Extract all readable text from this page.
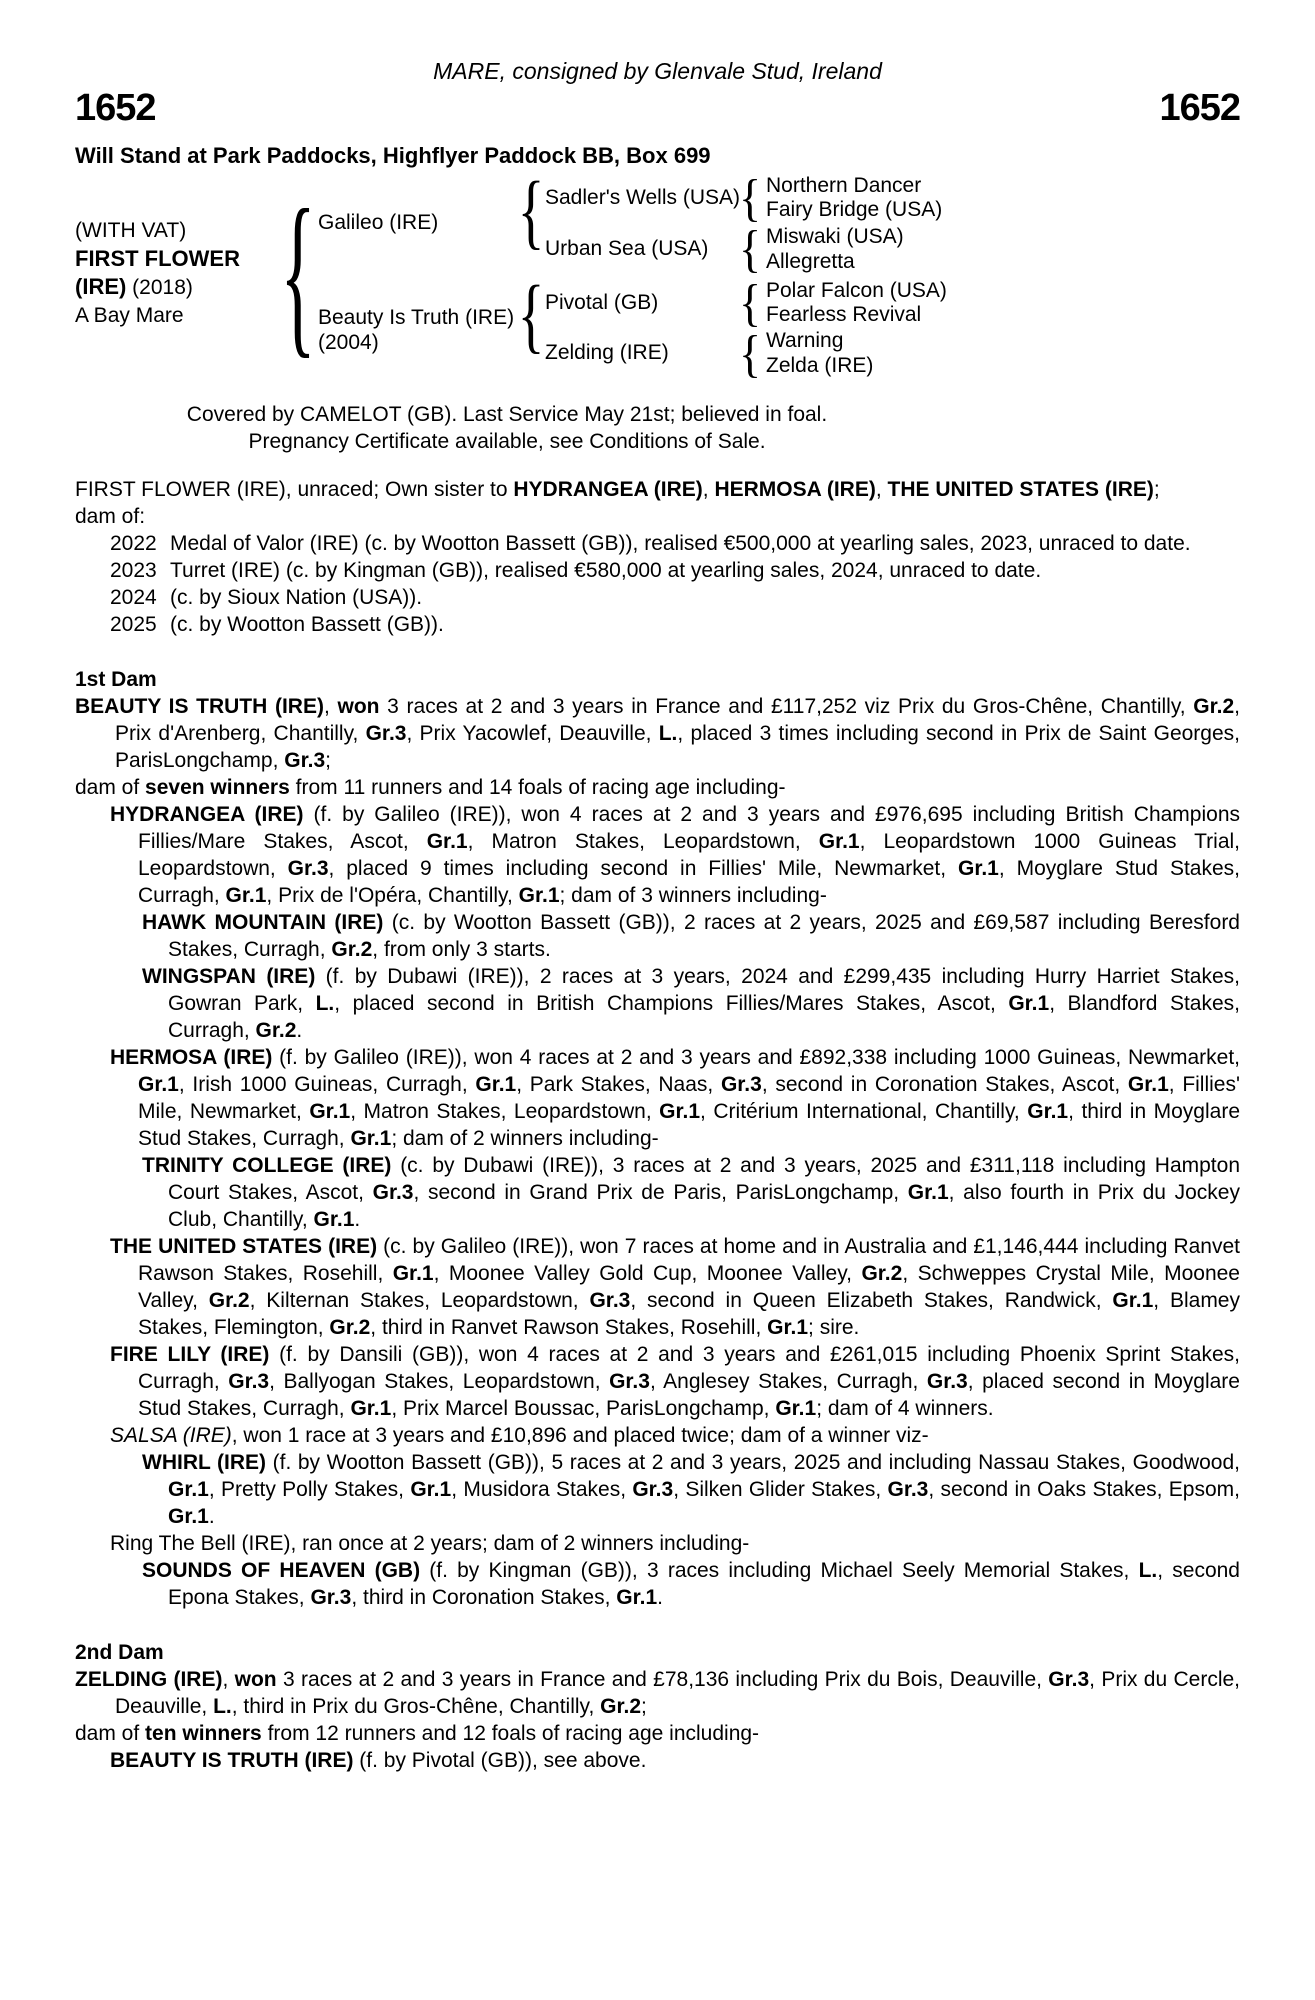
MARE, consigned by Glenvale Stud, Ireland
1652	1652
Will Stand at Park Paddocks, Highflyer Paddock BB, Box 699
(WITH VAT)
FIRST FLOWER
(IRE) (2018)
A Bay Mare
{
{
{
{
{
{
{
Galileo (IRE)
Beauty Is Truth (IRE)
(2004)
Sadler's Wells (USA)
Urban Sea (USA)
Pivotal (GB)
Zelding (IRE)
Northern Dancer
Fairy Bridge (USA)
Miswaki (USA)
Allegretta
Polar Falcon (USA)
Fearless Revival
Warning
Zelda (IRE)
Covered by CAMELOT (GB). Last Service May 21st; believed in foal.
Pregnancy Certificate available, see Conditions of Sale.
FIRST FLOWER (IRE), unraced; Own sister to HYDRANGEA (IRE), HERMOSA (IRE), THE UNITED STATES (IRE);
dam of:
2022 Medal of Valor (IRE) (c. by Wootton Bassett (GB)), realised €500,000 at yearling sales, 2023, unraced to date.
2023 Turret (IRE) (c. by Kingman (GB)), realised €580,000 at yearling sales, 2024, unraced to date.
2024 (c. by Sioux Nation (USA)).
2025 (c. by Wootton Bassett (GB)).
1st Dam
BEAUTY IS TRUTH (IRE), won 3 races at 2 and 3 years in France and £117,252 viz Prix du Gros-Chêne, Chantilly, Gr.2, Prix d'Arenberg, Chantilly, Gr.3, Prix Yacowlef, Deauville, L., placed 3 times including second in Prix de Saint Georges, ParisLongchamp, Gr.3;
dam of seven winners from 11 runners and 14 foals of racing age including-
HYDRANGEA (IRE) (f. by Galileo (IRE)), won 4 races at 2 and 3 years and £976,695 including British Champions Fillies/Mare Stakes, Ascot, Gr.1, Matron Stakes, Leopardstown, Gr.1, Leopardstown 1000 Guineas Trial, Leopardstown, Gr.3, placed 9 times including second in Fillies' Mile, Newmarket, Gr.1, Moyglare Stud Stakes, Curragh, Gr.1, Prix de l'Opéra, Chantilly, Gr.1; dam of 3 winners including-
HAWK MOUNTAIN (IRE) (c. by Wootton Bassett (GB)), 2 races at 2 years, 2025 and £69,587 including Beresford Stakes, Curragh, Gr.2, from only 3 starts.
WINGSPAN (IRE) (f. by Dubawi (IRE)), 2 races at 3 years, 2024 and £299,435 including Hurry Harriet Stakes, Gowran Park, L., placed second in British Champions Fillies/Mares Stakes, Ascot, Gr.1, Blandford Stakes, Curragh, Gr.2.
HERMOSA (IRE) (f. by Galileo (IRE)), won 4 races at 2 and 3 years and £892,338 including 1000 Guineas, Newmarket, Gr.1, Irish 1000 Guineas, Curragh, Gr.1, Park Stakes, Naas, Gr.3, second in Coronation Stakes, Ascot, Gr.1, Fillies' Mile, Newmarket, Gr.1, Matron Stakes, Leopardstown, Gr.1, Critérium International, Chantilly, Gr.1, third in Moyglare Stud Stakes, Curragh, Gr.1; dam of 2 winners including-
TRINITY COLLEGE (IRE) (c. by Dubawi (IRE)), 3 races at 2 and 3 years, 2025 and £311,118 including Hampton Court Stakes, Ascot, Gr.3, second in Grand Prix de Paris, ParisLongchamp, Gr.1, also fourth in Prix du Jockey Club, Chantilly, Gr.1.
THE UNITED STATES (IRE) (c. by Galileo (IRE)), won 7 races at home and in Australia and £1,146,444 including Ranvet Rawson Stakes, Rosehill, Gr.1, Moonee Valley Gold Cup, Moonee Valley, Gr.2, Schweppes Crystal Mile, Moonee Valley, Gr.2, Kilternan Stakes, Leopardstown, Gr.3, second in Queen Elizabeth Stakes, Randwick, Gr.1, Blamey Stakes, Flemington, Gr.2, third in Ranvet Rawson Stakes, Rosehill, Gr.1; sire.
FIRE LILY (IRE) (f. by Dansili (GB)), won 4 races at 2 and 3 years and £261,015 including Phoenix Sprint Stakes, Curragh, Gr.3, Ballyogan Stakes, Leopardstown, Gr.3, Anglesey Stakes, Curragh, Gr.3, placed second in Moyglare Stud Stakes, Curragh, Gr.1, Prix Marcel Boussac, ParisLongchamp, Gr.1; dam of 4 winners.
SALSA (IRE), won 1 race at 3 years and £10,896 and placed twice; dam of a winner viz-
WHIRL (IRE) (f. by Wootton Bassett (GB)), 5 races at 2 and 3 years, 2025 and including Nassau Stakes, Goodwood, Gr.1, Pretty Polly Stakes, Gr.1, Musidora Stakes, Gr.3, Silken Glider Stakes, Gr.3, second in Oaks Stakes, Epsom, Gr.1.
Ring The Bell (IRE), ran once at 2 years; dam of 2 winners including-
SOUNDS OF HEAVEN (GB) (f. by Kingman (GB)), 3 races including Michael Seely Memorial Stakes, L., second Epona Stakes, Gr.3, third in Coronation Stakes, Gr.1.
2nd Dam
ZELDING (IRE), won 3 races at 2 and 3 years in France and £78,136 including Prix du Bois, Deauville, Gr.3, Prix du Cercle, Deauville, L., third in Prix du Gros-Chêne, Chantilly, Gr.2;
dam of ten winners from 12 runners and 12 foals of racing age including-
BEAUTY IS TRUTH (IRE) (f. by Pivotal (GB)), see above.
